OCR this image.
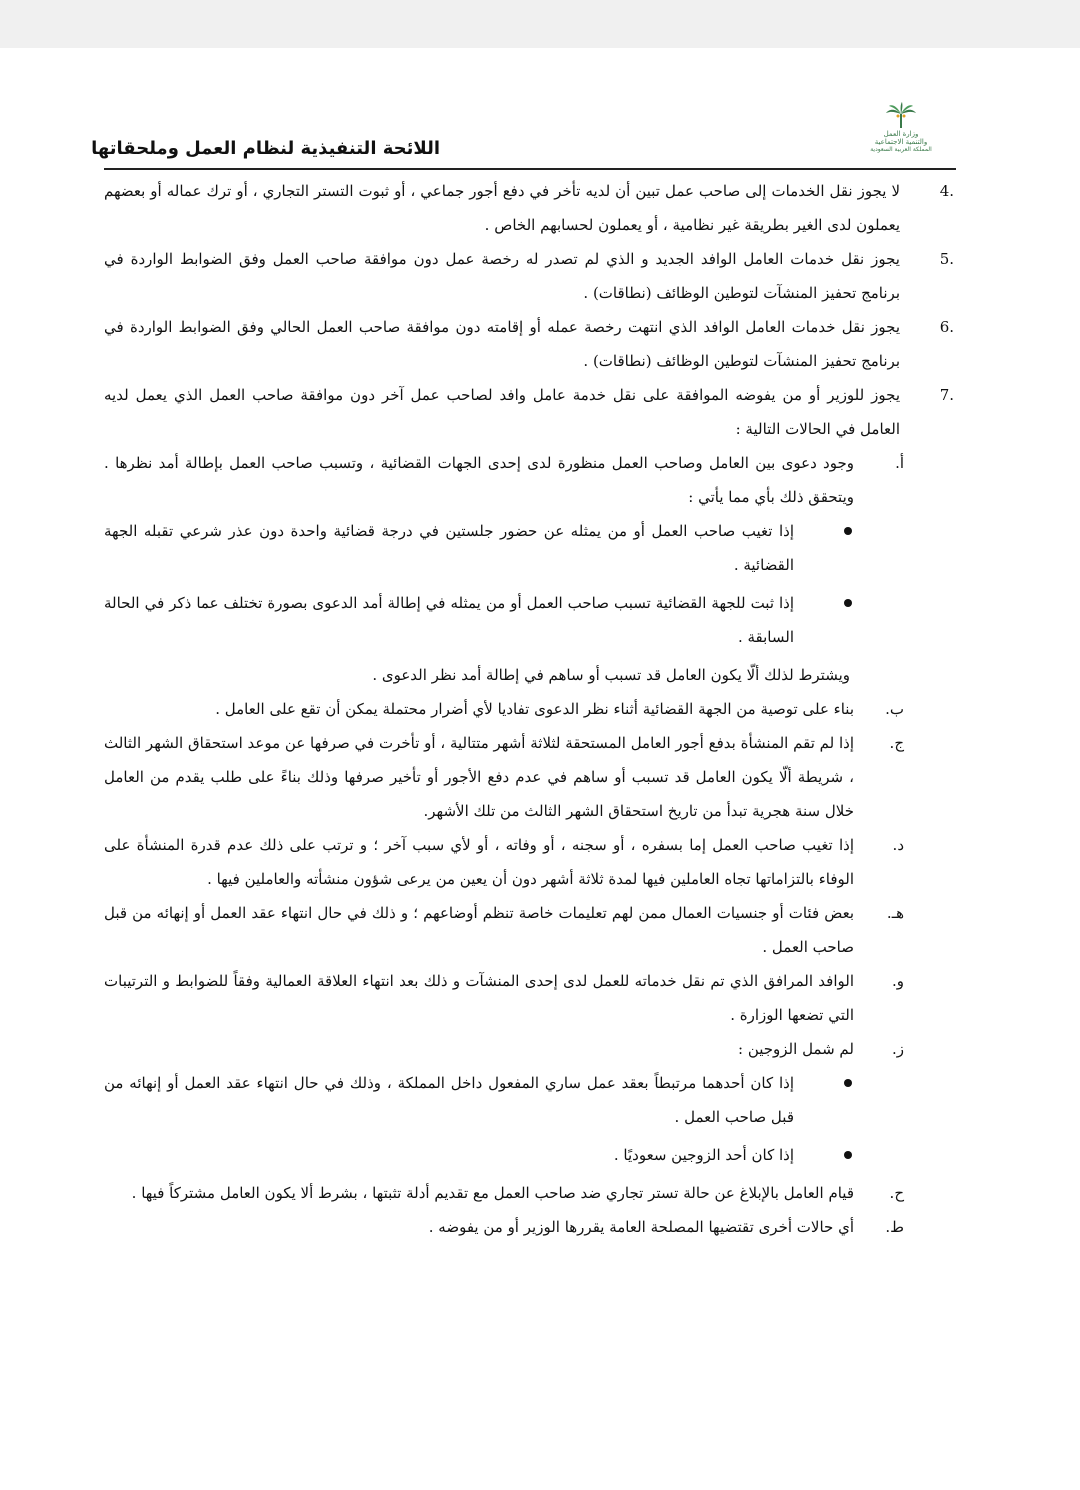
وزارة العمل
والتنمية الاجتماعية
المملكة العربية السعودية
اللائحة التنفيذية لنظام العمل وملحقاتها
4.
لا يجوز نقل الخدمات إلى صاحب عمل تبين أن لديه تأخر في دفع أجور جماعي ، أو ثبوت التستر التجاري ، أو ترك عماله أو بعضهم يعملون لدى الغير بطريقة غير نظامية ، أو يعملون لحسابهم الخاص .
5.
يجوز نقل خدمات العامل الوافد الجديد و الذي لم تصدر له رخصة عمل دون موافقة صاحب العمل وفق الضوابط الواردة في برنامج تحفيز المنشآت لتوطين الوظائف (نطاقات) .
6.
يجوز نقل خدمات العامل الوافد الذي انتهت رخصة عمله أو إقامته دون موافقة صاحب العمل الحالي وفق الضوابط الواردة في برنامج تحفيز المنشآت لتوطين الوظائف (نطاقات) .
7.
يجوز للوزير أو من يفوضه الموافقة على نقل خدمة عامل وافد لصاحب عمل آخر دون موافقة صاحب العمل الذي يعمل لديه العامل في الحالات التالية :
أ.
وجود دعوى بين العامل وصاحب العمل منظورة لدى إحدى الجهات القضائية ، وتسبب صاحب العمل بإطالة أمد نظرها . ويتحقق ذلك بأي مما يأتي :
إذا تغيب صاحب العمل أو من يمثله عن حضور جلستين في درجة قضائية واحدة دون عذر شرعي تقبله الجهة القضائية .
إذا ثبت للجهة القضائية تسبب صاحب العمل أو من يمثله في إطالة أمد الدعوى بصورة تختلف عما ذكر في الحالة السابقة .
ويشترط لذلك ألّا يكون العامل قد تسبب أو ساهم في إطالة أمد نظر الدعوى .
ب.
بناء على توصية من الجهة القضائية أثناء نظر الدعوى تفاديا لأي أضرار محتملة يمكن أن تقع على العامل .
ج.
إذا لم تقم المنشأة بدفع أجور العامل المستحقة لثلاثة أشهر متتالية ، أو تأخرت في صرفها عن موعد استحقاق الشهر الثالث ، شريطة ألّا يكون العامل قد تسبب أو ساهم في عدم دفع الأجور أو تأخير صرفها وذلك بناءً على طلب يقدم من العامل خلال سنة هجرية تبدأ من تاريخ استحقاق الشهر الثالث من تلك الأشهر.
د.
إذا تغيب صاحب العمل إما بسفره ، أو سجنه ، أو وفاته ، أو لأي سبب آخر ؛ و ترتب على ذلك عدم قدرة المنشأة على الوفاء بالتزاماتها تجاه العاملين فيها لمدة ثلاثة أشهر دون أن يعين من يرعى شؤون منشأته والعاملين فيها .
هـ.
بعض فئات أو جنسيات العمال ممن لهم تعليمات خاصة تنظم أوضاعهم ؛ و ذلك في حال انتهاء عقد العمل أو إنهائه من قبل صاحب العمل .
و.
الوافد المرافق الذي تم نقل خدماته للعمل لدى إحدى المنشآت و ذلك بعد انتهاء العلاقة العمالية وفقاً للضوابط و الترتيبات التي تضعها الوزارة .
ز.
لم شمل الزوجين :
إذا كان أحدهما مرتبطاً بعقد عمل ساري المفعول داخل المملكة ، وذلك في حال انتهاء عقد العمل أو إنهائه من قبل صاحب العمل .
إذا كان أحد الزوجين سعوديًا .
ح.
قيام العامل بالإبلاغ عن حالة تستر تجاري ضد صاحب العمل مع تقديم أدلة تثبتها ، بشرط ألا يكون العامل مشتركاً فيها .
ط.
أي حالات أخرى تقتضيها المصلحة العامة يقررها الوزير أو من يفوضه .
